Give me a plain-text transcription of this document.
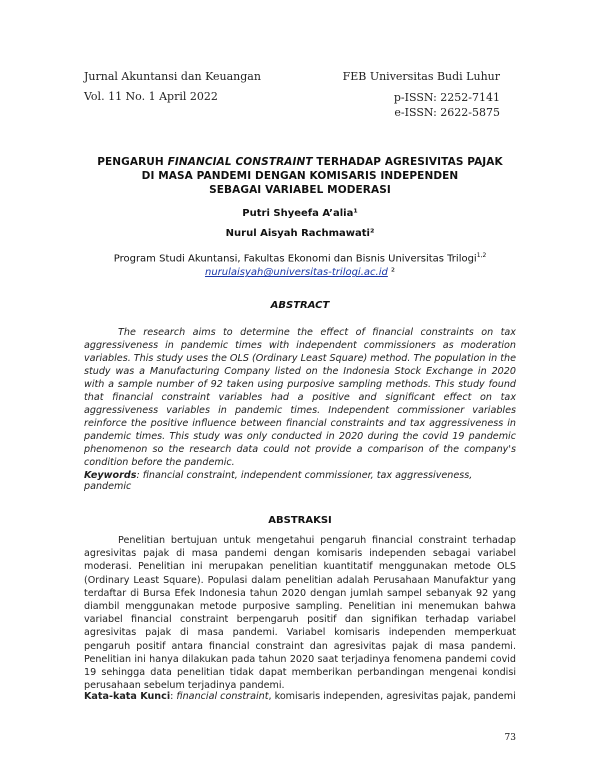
Jurnal Akuntansi dan Keuangan
Vol. 11 No. 1 April 2022
FEB Universitas Budi Luhur
p-ISSN: 2252-7141
e-ISSN: 2622-5875
PENGARUH FINANCIAL CONSTRAINT TERHADAP AGRESIVITAS PAJAK
DI MASA PANDEMI DENGAN KOMISARIS INDEPENDEN
SEBAGAI VARIABEL MODERASI
Putri Shyeefa A’alia¹
Nurul Aisyah Rachmawati²
Program Studi Akuntansi, Fakultas Ekonomi dan Bisnis Universitas Trilogi$^{1,2}$
nurulaisyah@universitas-trilogi.ac.id ²
ABSTRACT
The research aims to determine the effect of financial constraints on tax aggressiveness in pandemic times with independent commissioners as moderation variables. This study uses the OLS (Ordinary Least Square) method. The population in the study was a Manufacturing Company listed on the Indonesia Stock Exchange in 2020 with a sample number of 92 taken using purposive sampling methods. This study found that financial constraint variables had a positive and significant effect on tax aggressiveness variables in pandemic times. Independent commissioner variables reinforce the positive influence between financial constraints and tax aggressiveness in pandemic times. This study was only conducted in 2020 during the covid 19 pandemic phenomenon so the research data could not provide a comparison of the company's condition before the pandemic.
Keywords: financial constraint, independent commissioner, tax aggressiveness, pandemic
ABSTRAKSI
Penelitian bertujuan untuk mengetahui pengaruh financial constraint terhadap agresivitas pajak di masa pandemi dengan komisaris independen sebagai variabel moderasi. Penelitian ini merupakan penelitian kuantitatif menggunakan metode OLS (Ordinary Least Square). Populasi dalam penelitian adalah Perusahaan Manufaktur yang terdaftar di Bursa Efek Indonesia tahun 2020 dengan jumlah sampel sebanyak 92 yang diambil menggunakan metode purposive sampling. Penelitian ini menemukan bahwa variabel financial constraint berpengaruh positif dan signifikan terhadap variabel agresivitas pajak di masa pandemi. Variabel komisaris independen memperkuat pengaruh positif antara financial constraint dan agresivitas pajak di masa pandemi. Penelitian ini hanya dilakukan pada tahun 2020 saat terjadinya fenomena pandemi covid 19 sehingga data penelitian tidak dapat memberikan perbandingan mengenai kondisi perusahaan sebelum terjadinya pandemi.
Kata-kata Kunci: financial constraint, komisaris independen, agresivitas pajak, pandemi
73
